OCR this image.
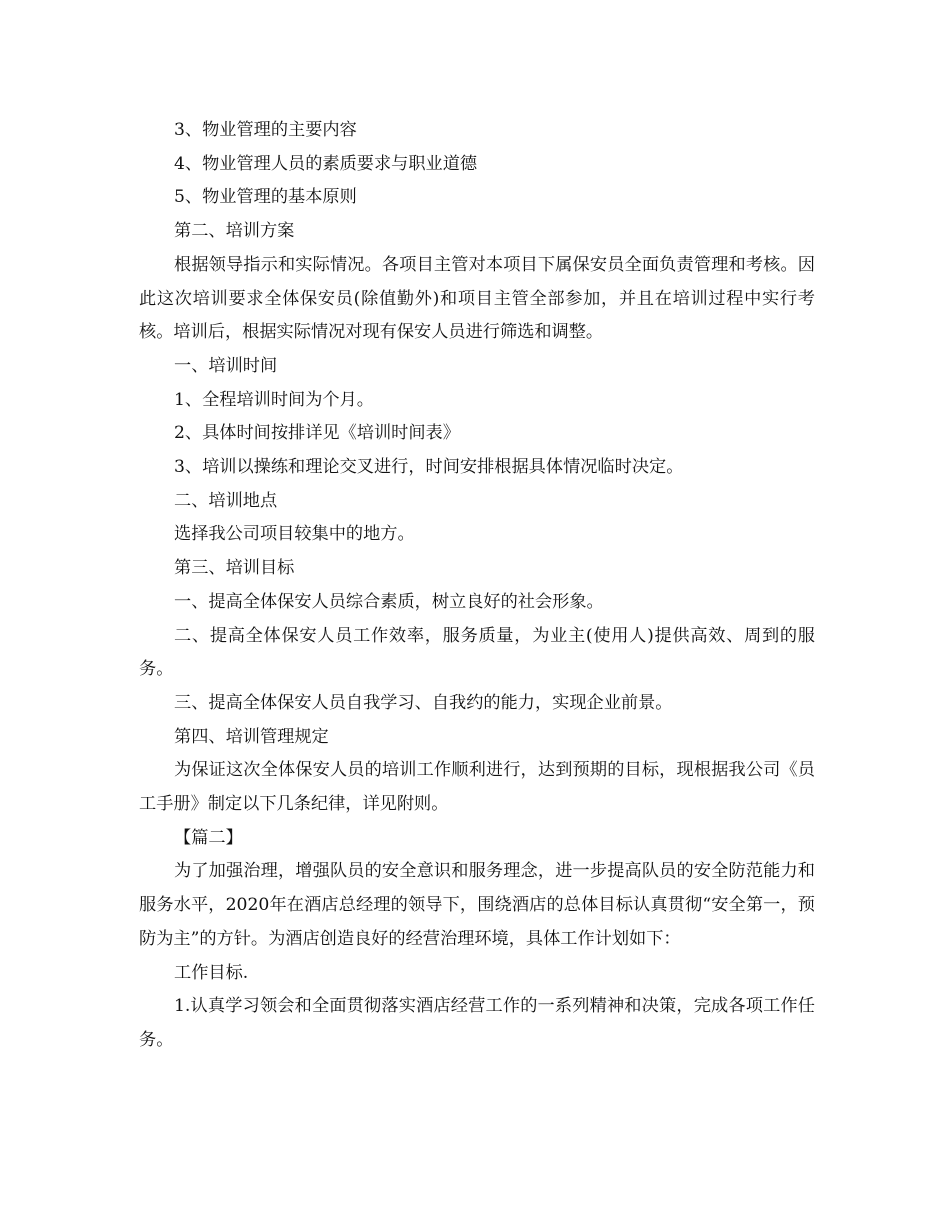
3、物业管理的主要内容

4、物业管理人员的素质要求与职业道德

5、物业管理的基本原则

第二、培训方案

根据领导指示和实际情况。各项目主管对本项目下属保安员全面负责管理和考核。因此这次培训要求全体保安员(除值勤外)和项目主管全部参加，并且在培训过程中实行考核。培训后，根据实际情况对现有保安人员进行筛选和调整。

一、培训时间

1、全程培训时间为个月。

2、具体时间按排详见《培训时间表》

3、培训以操练和理论交叉进行，时间安排根据具体情况临时决定。

二、培训地点

选择我公司项目较集中的地方。

第三、培训目标

一、提高全体保安人员综合素质，树立良好的社会形象。

二、提高全体保安人员工作效率，服务质量，为业主(使用人)提供高效、周到的服务。

三、提高全体保安人员自我学习、自我约的能力，实现企业前景。

第四、培训管理规定

为保证这次全体保安人员的培训工作顺利进行，达到预期的目标，现根据我公司《员工手册》制定以下几条纪律，详见附则。

【篇二】

为了加强治理，增强队员的安全意识和服务理念，进一步提高队员的安全防范能力和服务水平，2020年在酒店总经理的领导下，围绕酒店的总体目标认真贯彻“安全第一，预防为主”的方针。为酒店创造良好的经营治理环境，具体工作计划如下：

工作目标.

1.认真学习领会和全面贯彻落实酒店经营工作的一系列精神和决策，完成各项工作任务。
